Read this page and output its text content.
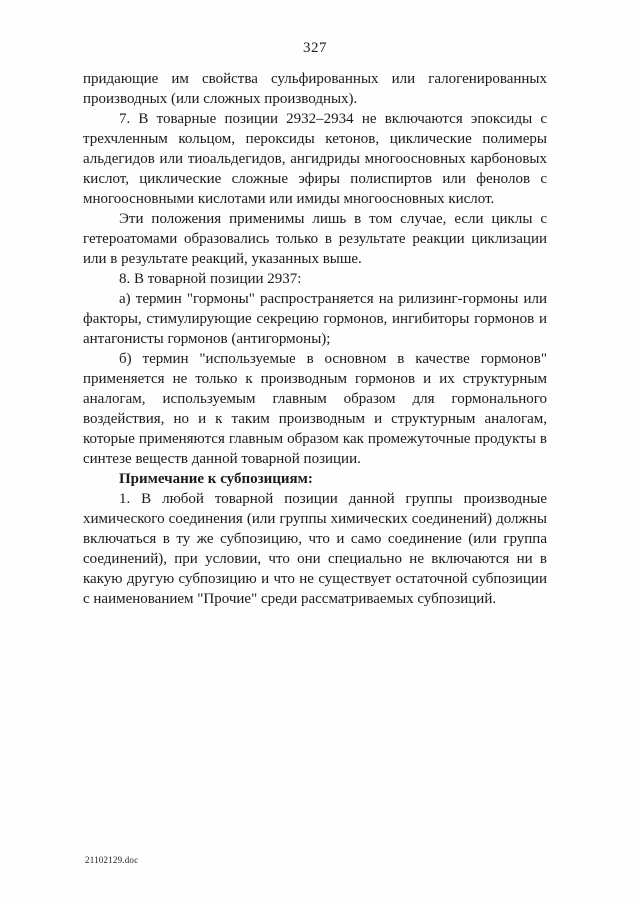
327

придающие им свойства сульфированных или галогенированных производных (или сложных производных).

7. В товарные позиции 2932–2934 не включаются эпоксиды с трехчленным кольцом, пероксиды кетонов, циклические полимеры альдегидов или тиоальдегидов, ангидриды многоосновных карбоновых кислот, циклические сложные эфиры полиспиртов или фенолов с многоосновными кислотами или имиды многоосновных кислот.

Эти положения применимы лишь в том случае, если циклы с гетероатомами образовались только в результате реакции циклизации или в результате реакций, указанных выше.

8. В товарной позиции 2937:

а) термин "гормоны" распространяется на рилизинг-гормоны или факторы, стимулирующие секрецию гормонов, ингибиторы гормонов и антагонисты гормонов (антигормоны);

б) термин "используемые в основном в качестве гормонов" применяется не только к производным гормонов и их структурным аналогам, используемым главным образом для гормонального воздействия, но и к таким производным и структурным аналогам, которые применяются главным образом как промежуточные продукты в синтезе веществ данной товарной позиции.

Примечание к субпозициям:

1. В любой товарной позиции данной группы производные химического соединения (или группы химических соединений) должны включаться в ту же субпозицию, что и само соединение (или группа соединений), при условии, что они специально не включаются ни в какую другую субпозицию и что не существует остаточной субпозиции с наименованием "Прочие" среди рассматриваемых субпозиций.

21102129.doc
